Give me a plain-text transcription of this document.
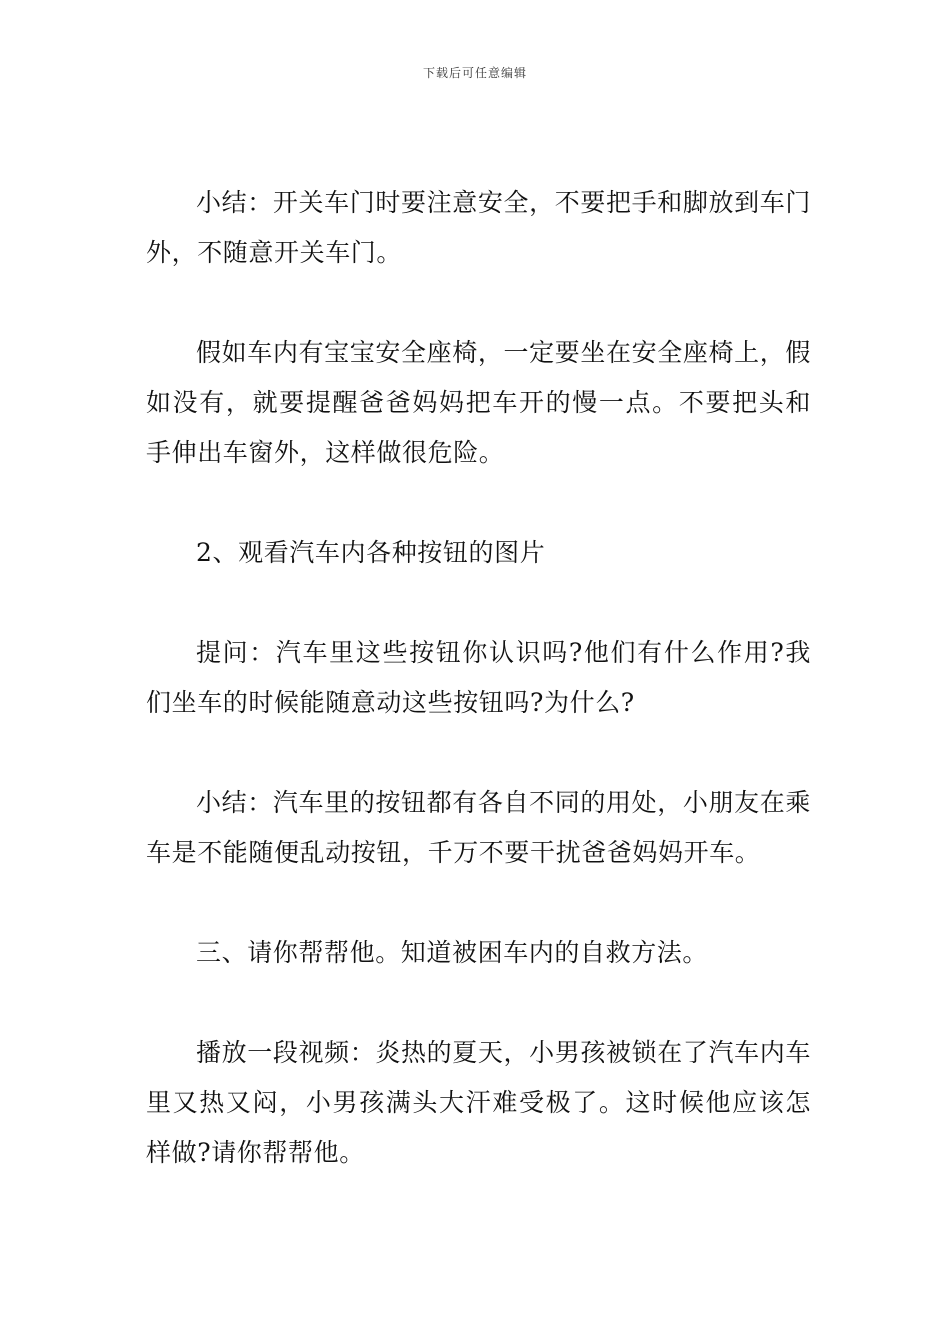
下载后可任意编辑

小结：开关车门时要注意安全，不要把手和脚放到车门外，不随意开关车门。

假如车内有宝宝安全座椅，一定要坐在安全座椅上，假如没有，就要提醒爸爸妈妈把车开的慢一点。不要把头和手伸出车窗外，这样做很危险。

2、观看汽车内各种按钮的图片

提问：汽车里这些按钮你认识吗?他们有什么作用?我们坐车的时候能随意动这些按钮吗?为什么?

小结：汽车里的按钮都有各自不同的用处，小朋友在乘车是不能随便乱动按钮，千万不要干扰爸爸妈妈开车。

三、请你帮帮他。知道被困车内的自救方法。

播放一段视频：炎热的夏天，小男孩被锁在了汽车内车里又热又闷，小男孩满头大汗难受极了。这时候他应该怎样做?请你帮帮他。
